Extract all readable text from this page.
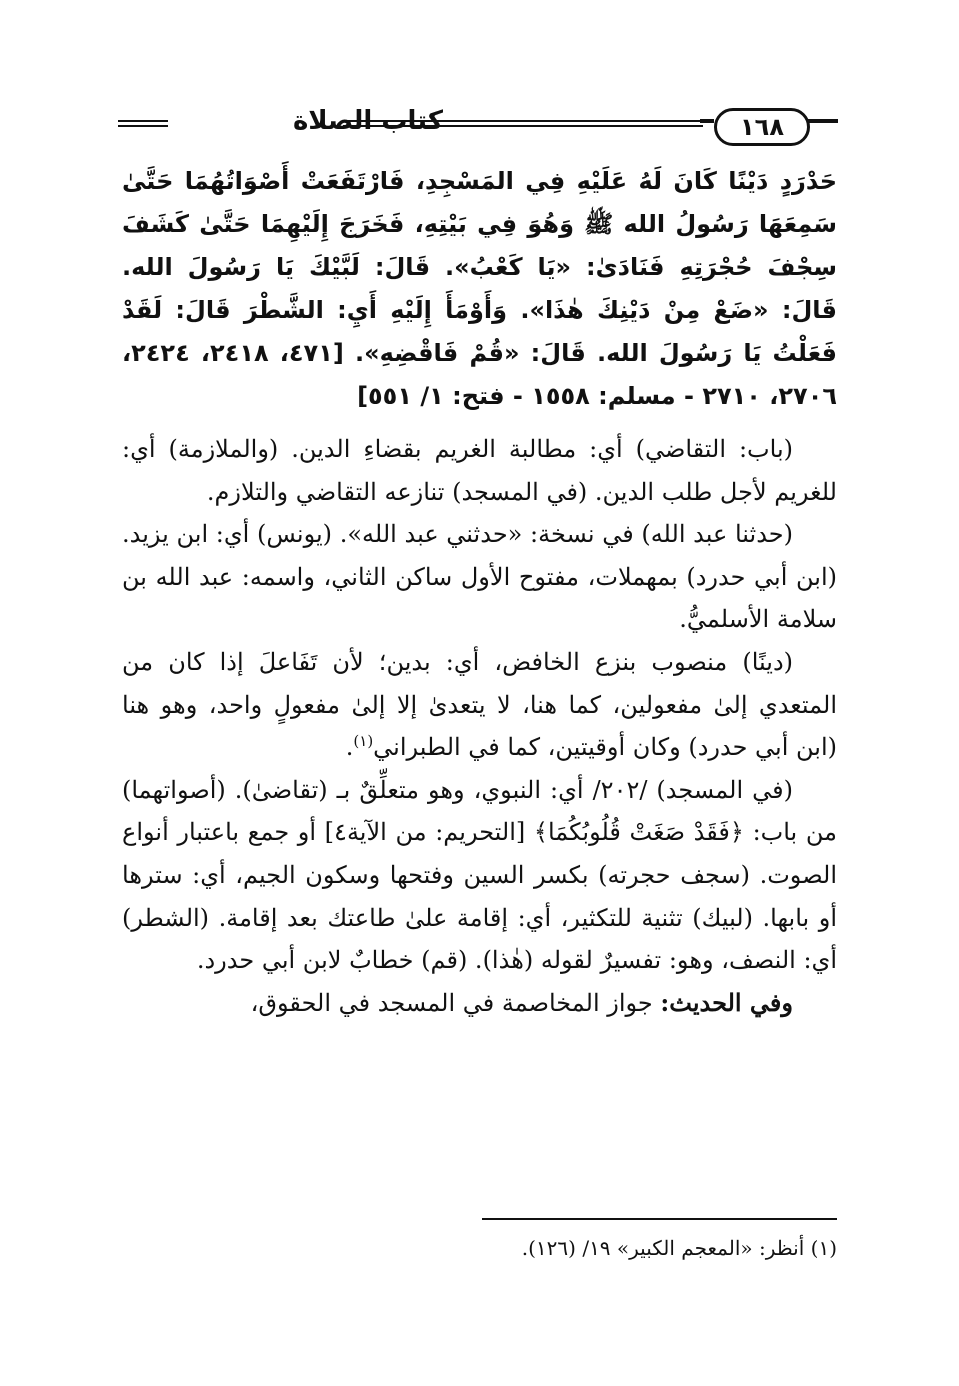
كتاب الصلاة	١٦٨

حَدْرَدٍ دَيْنًا كَانَ لَهُ عَلَيْهِ فِي المَسْجِدِ، فَارْتَفَعَتْ أَصْوَاتُهُمَا حَتَّىٰ سَمِعَهَا رَسُولُ الله ﷺ وَهُوَ فِي بَيْتِهِ، فَخَرَجَ إِلَيْهِمَا حَتَّىٰ كَشَفَ سِجْفَ حُجْرَتِهِ فَنَادَىٰ: «يَا كَعْبُ». قَالَ: لَبَّيْكَ يَا رَسُولَ الله. قَالَ: «ضَعْ مِنْ دَيْنِكَ هٰذَا». وَأَوْمَأَ إِلَيْهِ أَيِ: الشَّطْرَ قَالَ: لَقَدْ فَعَلْتُ يَا رَسُولَ الله. قَالَ: «قُمْ فَاقْضِهِ». [٤٧١، ٢٤١٨، ٢٤٢٤، ٢٧٠٦، ٢٧١٠ - مسلم: ١٥٥٨ - فتح: ١/ ٥٥١]

(باب: التقاضي) أي: مطالبة الغريم بقضاءِ الدين. (والملازمة) أي: للغريم لأجل طلب الدين. (في المسجد) تنازعه التقاضي والتلازم.

(حدثنا عبد الله) في نسخة: «حدثني عبد الله». (يونس) أي: ابن يزيد. (ابن أبي حدرد) بمهملات، مفتوح الأول ساكن الثاني، واسمه: عبد الله بن سلامة الأسلميُّ.

(دينًا) منصوب بنزع الخافض، أي: بدين؛ لأن تَفَاعلَ إذا كان من المتعدي إلىٰ مفعولين، كما هنا، لا يتعدىٰ إلا إلىٰ مفعولٍ واحد، وهو هنا (ابن أبي حدرد) وكان أوقيتين، كما في الطبراني$^{(١)}$.

(في المسجد) /٢٠٢/ أي: النبوي، وهو متعلِّقٌ بـ (تقاضىٰ). (أصواتهما) من باب: ﴿فَقَدْ صَغَتْ قُلُوبُكُمَا﴾ [التحريم: من الآية٤] أو جمع باعتبار أنواع الصوت. (سجف حجرته) بكسر السين وفتحها وسكون الجيم، أي: سترها أو بابها. (لبيك) تثنية للتكثير، أي: إقامة علىٰ طاعتك بعد إقامة. (الشطر) أي: النصف، وهو: تفسيرٌ لقوله (هٰذا). (قم) خطابٌ لابن أبي حدرد.

وفي الحديث: جواز المخاصمة في المسجد في الحقوق،

(١) أنظر: «المعجم الكبير» ١٩/ (١٢٦).
